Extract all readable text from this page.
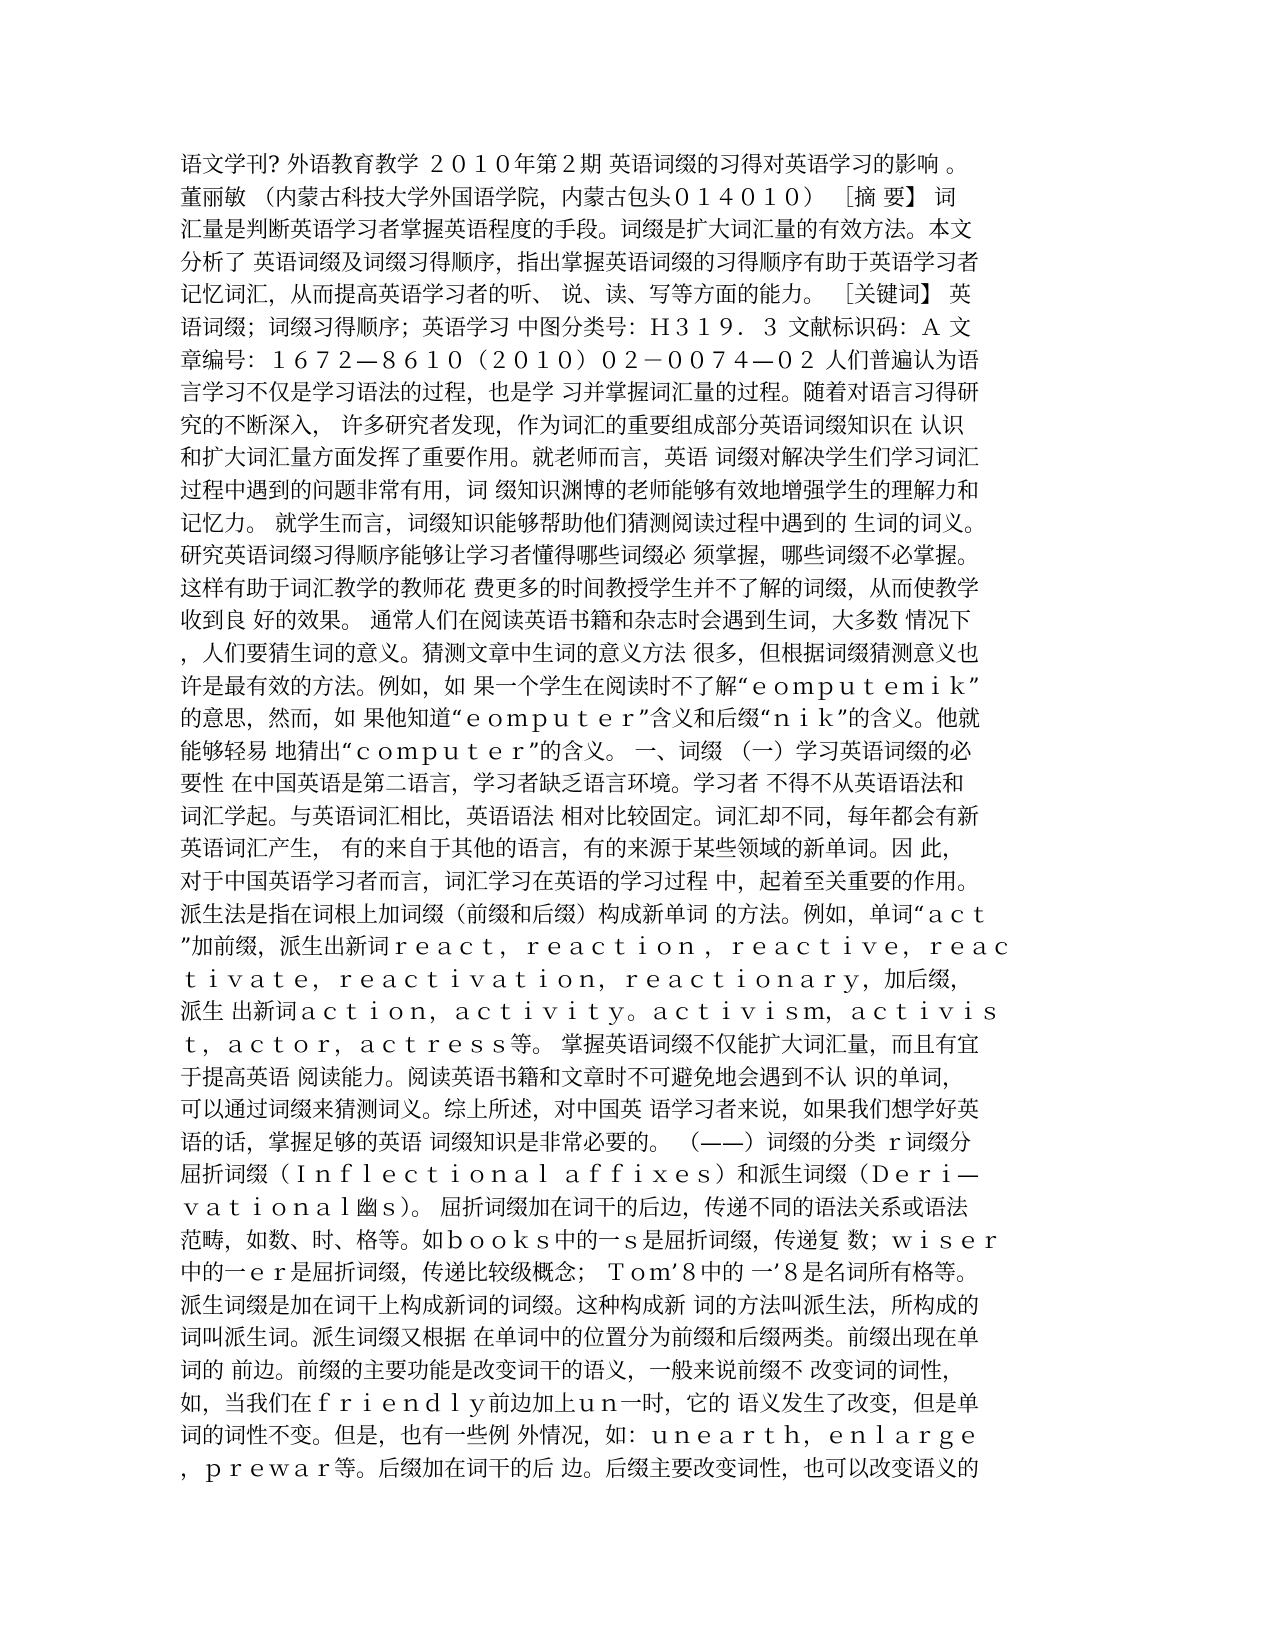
语文学刊? 外语教育教学 ２０１０年第２期 英语词缀的习得对英语学习的影响 。
董丽敏 （内蒙古科技大学外国语学院，内蒙古包头０１４０１０） ［摘 要】 词
汇量是判断英语学习者掌握英语程度的手段。词缀是扩大词汇量的有效方法。本文
分析了 英语词缀及词缀习得顺序，指出掌握英语词缀的习得顺序有助于英语学习者
记忆词汇，从而提高英语学习者的听、 说、读、写等方面的能力。 ［关键词】 英
语词缀；词缀习得顺序；英语学习 中图分类号：Ｈ３１９．３ 文献标识码：Ａ 文
章编号：１６７２—８６１０（２０１０）０２－００７４—０２ 人们普遍认为语
言学习不仅是学习语法的过程，也是学 习并掌握词汇量的过程。随着对语言习得研
究的不断深入， 许多研究者发现，作为词汇的重要组成部分英语词缀知识在 认识
和扩大词汇量方面发挥了重要作用。就老师而言，英语 词缀对解决学生们学习词汇
过程中遇到的问题非常有用，词 缀知识渊博的老师能够有效地增强学生的理解力和
记忆力。 就学生而言，词缀知识能够帮助他们猜测阅读过程中遇到的 生词的词义。
研究英语词缀习得顺序能够让学习者懂得哪些词缀必 须掌握，哪些词缀不必掌握。
这样有助于词汇教学的教师花 费更多的时间教授学生并不了解的词缀，从而使教学
收到良 好的效果。 通常人们在阅读英语书籍和杂志时会遇到生词，大多数 情况下
，人们要猜生词的意义。猜测文章中生词的意义方法 很多，但根据词缀猜测意义也
许是最有效的方法。例如，如 果一个学生在阅读时不了解“ｅｏｍｐｕｔｅｍｉｋ”
的意思，然而，如 果他知道“ｅｏｍｐｕｔｅｒ”含义和后缀“ｎｉｋ”的含义。他就
能够轻易 地猜出“ｃｏｍｐｕｔｅｒ”的含义。 一、词缀 （一）学习英语词缀的必
要性 在中国英语是第二语言，学习者缺乏语言环境。学习者 不得不从英语语法和
词汇学起。与英语词汇相比，英语语法 相对比较固定。词汇却不同，每年都会有新
英语词汇产生， 有的来自于其他的语言，有的来源于某些领域的新单词。因 此，
对于中国英语学习者而言，词汇学习在英语的学习过程 中，起着至关重要的作用。
派生法是指在词根上加词缀（前缀和后缀）构成新单词 的方法。例如，单词“ａｃｔ
”加前缀，派生出新词ｒｅａｃｔ，ｒｅａｃｔｉｏｎ ，ｒｅａｃｔｉｖｅ，ｒｅａｃ
ｔｉｖａｔｅ，ｒｅａｃｔｉｖａｔｉｏｎ，ｒｅａｃｔｉｏｎａｒｙ，加后缀，
派生 出新词ａｃｔｉｏｎ，ａｃｔｉｖｉｔｙ。ａｃｔｉｖｉｓｍ，ａｃｔｉｖｉｓ
ｔ，ａｃｔｏｒ，ａｃｔｒｅｓｓ等。 掌握英语词缀不仅能扩大词汇量，而且有宜
于提高英语 阅读能力。阅读英语书籍和文章时不可避免地会遇到不认 识的单词，
可以通过词缀来猜测词义。综上所述，对中国英 语学习者来说，如果我们想学好英
语的话，掌握足够的英语 词缀知识是非常必要的。 （——）词缀的分类 ｒ词缀分
屈折词缀（Ｉｎｆｌｅｃｔｉｏｎａｌ ａｆｆｉｘｅｓ）和派生词缀（Ｄｅｒｉ—
ｖａｔｉｏｎａｌ幽ｓ）。 屈折词缀加在词干的后边，传递不同的语法关系或语法
范畴，如数、时、格等。如ｂｏｏｋｓ中的一ｓ是屈折词缀，传递复 数；ｗｉｓｅｒ
中的一ｅｒ是屈折词缀，传递比较级概念； Ｔｏｍ’８中的 一’８是名词所有格等。
派生词缀是加在词干上构成新词的词缀。这种构成新 词的方法叫派生法，所构成的
词叫派生词。派生词缀又根据 在单词中的位置分为前缀和后缀两类。前缀出现在单
词的 前边。前缀的主要功能是改变词干的语义，一般来说前缀不 改变词的词性，
如，当我们在ｆｒｉｅｎｄｌｙ前边加上ｕｎ一时，它的 语义发生了改变，但是单
词的词性不变。但是，也有一些例 外情况，如：ｕｎｅａｒｔｈ，ｅｎｌａｒｇｅ
，ｐｒｅｗａｒ等。后缀加在词干的后 边。后缀主要改变词性，也可以改变语义的
